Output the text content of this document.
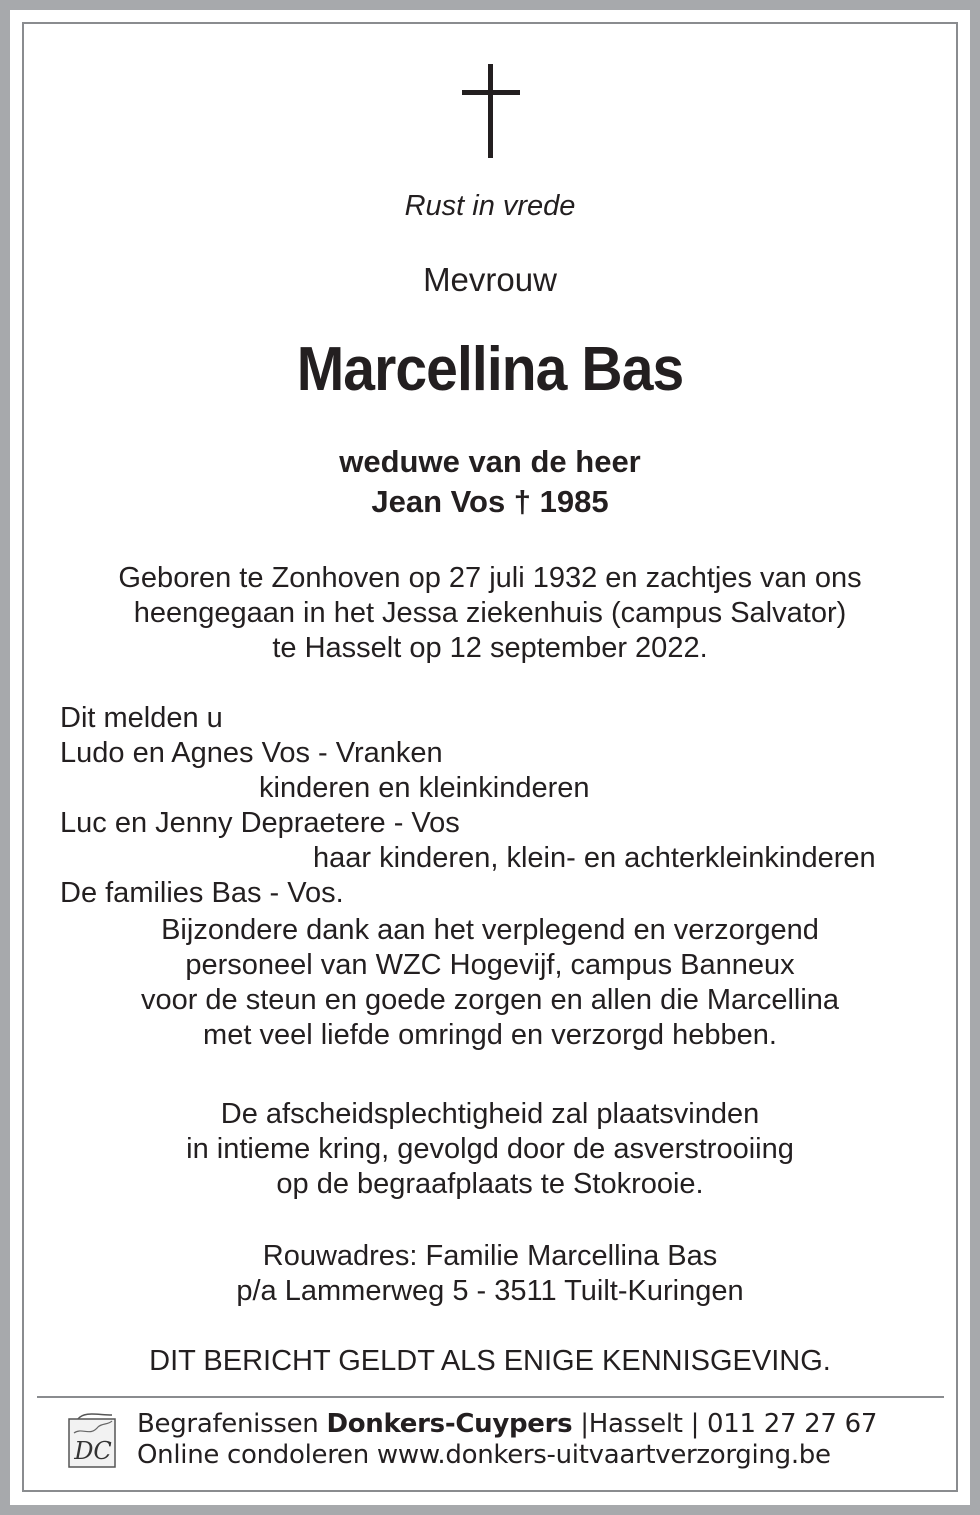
Rust in vrede
Mevrouw
Marcellina Bas
weduwe van de heer
Jean Vos † 1985
Geboren te Zonhoven op 27 juli 1932 en zachtjes van ons
heengegaan in het Jessa ziekenhuis (campus Salvator)
te Hasselt op 12 september 2022.
Dit melden u
Ludo en Agnes Vos - Vranken
kinderen en kleinkinderen
Luc en Jenny Depraetere - Vos
haar kinderen, klein- en achterkleinkinderen
De families Bas - Vos.
Bijzondere dank aan het verplegend en verzorgend
personeel van WZC Hogevijf, campus Banneux
voor de steun en goede zorgen en allen die Marcellina
met veel liefde omringd en verzorgd hebben.
De afscheidsplechtigheid zal plaatsvinden
in intieme kring, gevolgd door de asverstrooiing
op de begraafplaats te Stokrooie.
Rouwadres: Familie Marcellina Bas
p/a Lammerweg 5 - 3511 Tuilt-Kuringen
DIT BERICHT GELDT ALS ENIGE KENNISGEVING.
DC
Begrafenissen Donkers-Cuypers |Hasselt | 011 27 27 67
Online condoleren www.donkers-uitvaartverzorging.be
